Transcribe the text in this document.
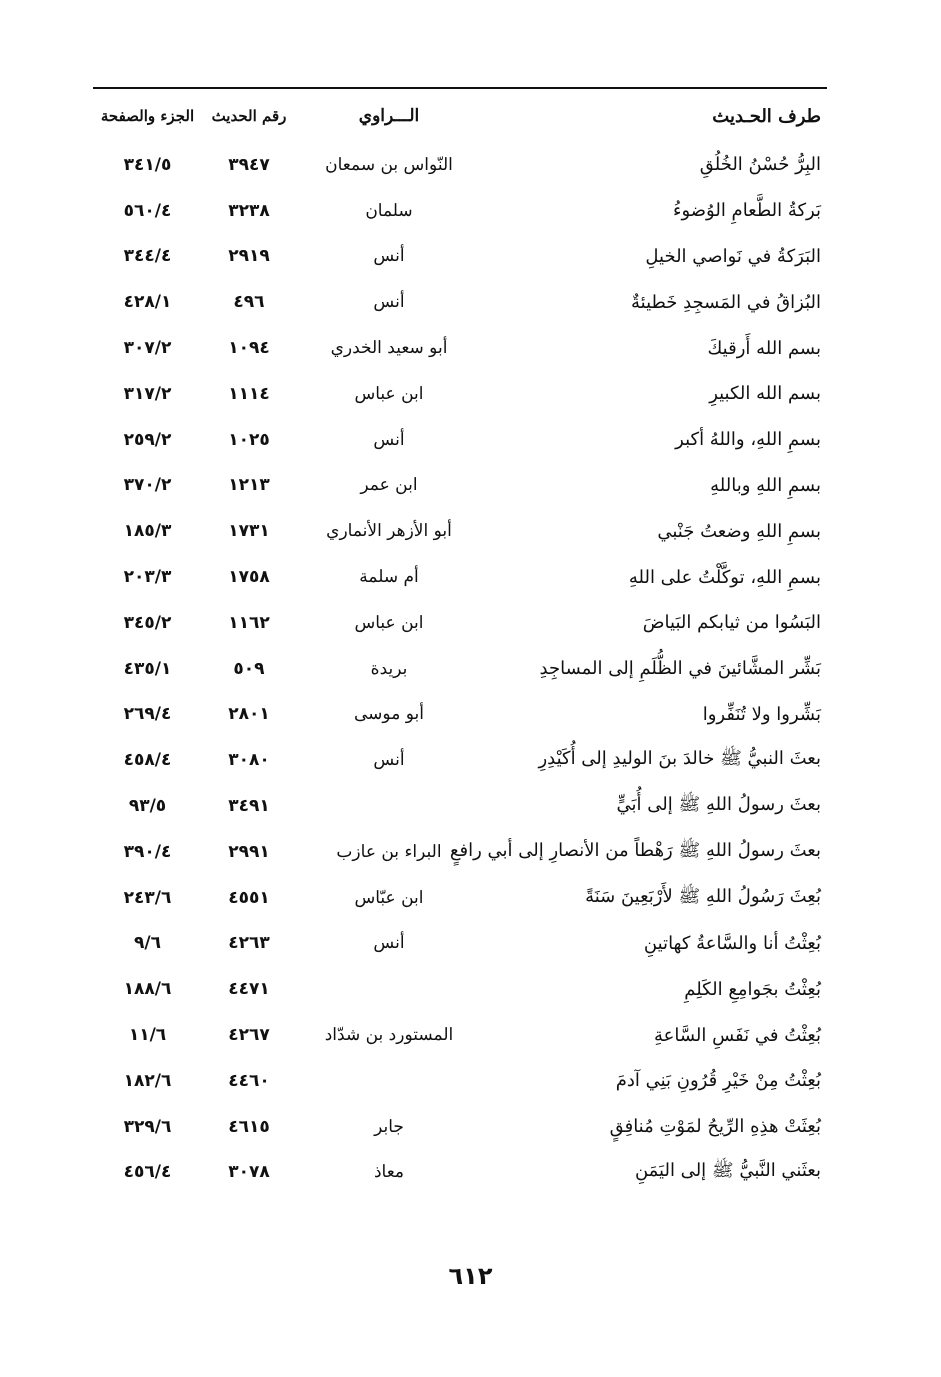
طرف الحـديث
الـــراوي
رقم الحديث
الجزء والصفحة
البِرُّ حُسْنُ الخُلُقِ
النّواس بن سمعان
٣٩٤٧
٣٤١/٥
بَركةُ الطَّعامِ الوُضوءُ
سلمان
٣٢٣٨
٥٦٠/٤
البَرَكةُ في نَواصي الخيلِ
أنس
٢٩١٩
٣٤٤/٤
البُزاقُ في المَسجِدِ خَطيئةٌ
أنس
٤٩٦
٤٢٨/١
بسم الله أَرقيكَ
أبو سعيد الخدري
١٠٩٤
٣٠٧/٢
بسم الله الكبيرِ
ابن عباس
١١١٤
٣١٧/٢
بسمِ اللهِ، واللهُ أكبر
أنس
١٠٢٥
٢٥٩/٢
بسمِ اللهِ وباللهِ
ابن عمر
١٢١٣
٣٧٠/٢
بسمِ اللهِ وضعتُ جَنْبي
أبو الأزهر الأنماري
١٧٣١
١٨٥/٣
بسمِ اللهِ، توكَّلْتُ على اللهِ
أم سلمة
١٧٥٨
٢٠٣/٣
البَسُوا من ثيابكم البَياضَ
ابن عباس
١١٦٢
٣٤٥/٢
بَشِّر المشَّائينَ في الظُّلَمِ إلى المساجِدِ
بريدة
٥٠٩
٤٣٥/١
بَشِّروا ولا تُنَفِّروا
أبو موسى
٢٨٠١
٢٦٩/٤
بعثَ النبيُّ ﷺ خالدَ بنَ الوليدِ إلى أُكَيْدِرِ
أنس
٣٠٨٠
٤٥٨/٤
بعثَ رسولُ اللهِ ﷺ إلى أُبَيٍّ
٣٤٩١
٩٣/٥
بعثَ رسولُ اللهِ ﷺ رَهْطاً من الأنصارِ إلى أبي رافعٍ
البراء بن عازب
٢٩٩١
٣٩٠/٤
بُعِثَ رَسُولُ اللهِ ﷺ لأَرْبَعِينَ سَنَةً
ابن عبّاس
٤٥٥١
٢٤٣/٦
بُعِثْتُ أنا والسَّاعةُ كهاتينِ
أنس
٤٢٦٣
٩/٦
بُعِثْتُ بجَوامِعِ الكَلِمِ
٤٤٧١
١٨٨/٦
بُعِثْتُ في نَفَسِ السَّاعةِ
المستورد بن شدّاد
٤٢٦٧
١١/٦
بُعِثْتُ مِنْ خَيْرِ قُرُونِ بَنِي آدمَ
٤٤٦٠
١٨٢/٦
بُعِثَتْ هذِهِ الرِّيحُ لمَوْتِ مُنافِقٍ
جابر
٤٦١٥
٣٢٩/٦
بعثَني النَّبيُّ ﷺ إلى اليَمَنِ
معاذ
٣٠٧٨
٤٥٦/٤
٦١٢
